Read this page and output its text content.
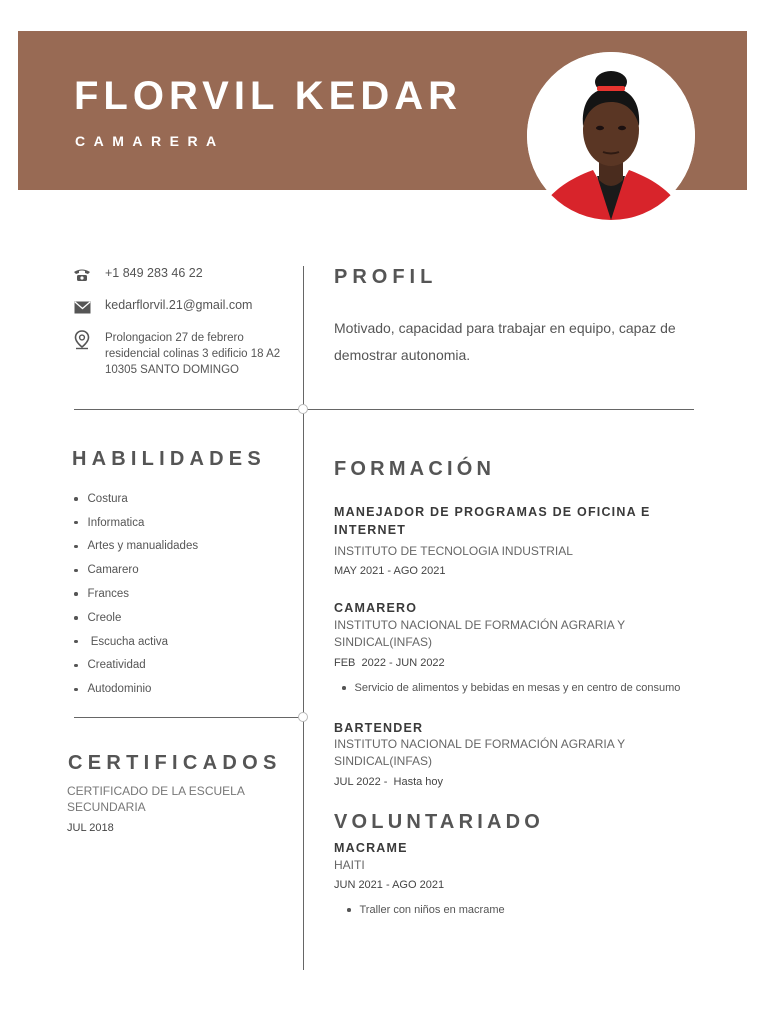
FLORVIL KEDAR
CAMARERA
+1 849 283 46 22
kedarflorvil.21@gmail.com
Prolongacion 27 de febrero
residencial colinas 3 edificio 18 A2
10305 SANTO DOMINGO
PROFIL
Motivado, capacidad para trabajar en equipo, capaz de demostrar autonomia.
HABILIDADES
Costura
Informatica
Artes y manualidades
Camarero
Frances
Creole
Escucha activa
Creatividad
Autodominio
FORMACIÓN
MANEJADOR DE PROGRAMAS DE OFICINA E INTERNET
INSTITUTO DE TECNOLOGIA INDUSTRIAL
MAY 2021 - AGO 2021
CAMARERO
INSTITUTO NACIONAL DE FORMACIÓN AGRARIA Y SINDICAL(INFAS)
FEB  2022 - JUN 2022
Servicio de alimentos y bebidas en mesas y en centro de consumo
BARTENDER
INSTITUTO NACIONAL DE FORMACIÓN AGRARIA Y SINDICAL(INFAS)
JUL 2022 -  Hasta hoy
CERTIFICADOS
CERTIFICADO DE LA ESCUELA SECUNDARIA
JUL 2018	VOLUNTARIADO
MACRAME
HAITI
JUN 2021 - AGO 2021
Traller con niños en macrame
